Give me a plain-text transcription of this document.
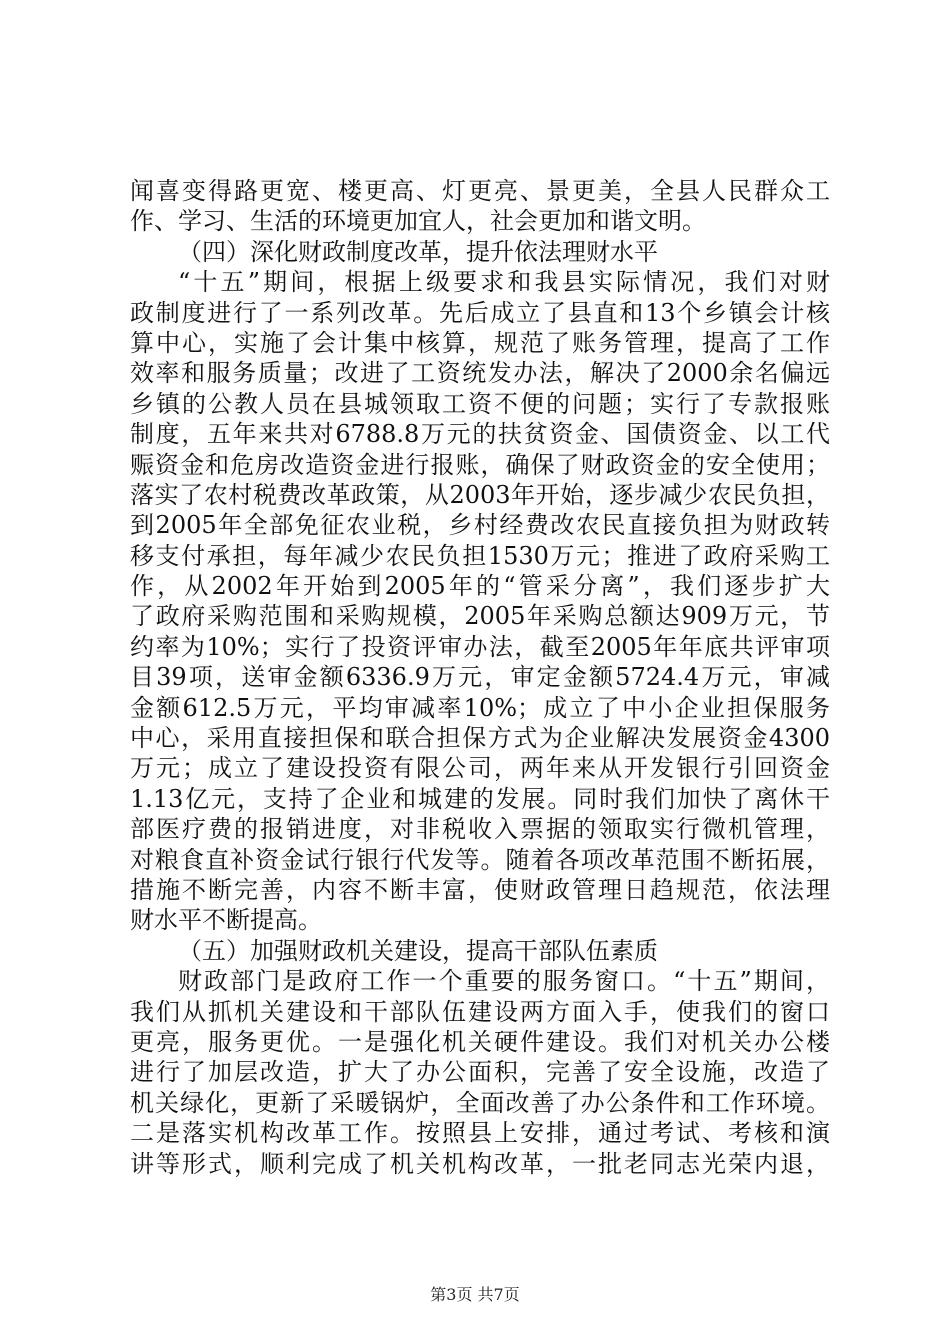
闻喜变得路更宽、楼更高、灯更亮、景更美，全县人民群众工
作、学习、生活的环境更加宜人，社会更加和谐文明。
（四）深化财政制度改革，提升依法理财水平
“十五”期间，根据上级要求和我县实际情况，我们对财
政制度进行了一系列改革。先后成立了县直和13个乡镇会计核
算中心，实施了会计集中核算，规范了账务管理，提高了工作
效率和服务质量；改进了工资统发办法，解决了2000余名偏远
乡镇的公教人员在县城领取工资不便的问题；实行了专款报账
制度，五年来共对6788.8万元的扶贫资金、国债资金、以工代
赈资金和危房改造资金进行报账，确保了财政资金的安全使用；
落实了农村税费改革政策，从2003年开始，逐步减少农民负担，
到2005年全部免征农业税，乡村经费改农民直接负担为财政转
移支付承担，每年减少农民负担1530万元；推进了政府采购工
作，从2002年开始到2005年的“管采分离”，我们逐步扩大
了政府采购范围和采购规模，2005年采购总额达909万元，节
约率为10%；实行了投资评审办法，截至2005年年底共评审项
目39项，送审金额6336.9万元，审定金额5724.4万元，审减
金额612.5万元，平均审减率10%；成立了中小企业担保服务
中心，采用直接担保和联合担保方式为企业解决发展资金4300
万元；成立了建设投资有限公司，两年来从开发银行引回资金
1.13亿元，支持了企业和城建的发展。同时我们加快了离休干
部医疗费的报销进度，对非税收入票据的领取实行微机管理，
对粮食直补资金试行银行代发等。随着各项改革范围不断拓展，
措施不断完善，内容不断丰富，使财政管理日趋规范，依法理
财水平不断提高。
（五）加强财政机关建设，提高干部队伍素质
财政部门是政府工作一个重要的服务窗口。“十五”期间，
我们从抓机关建设和干部队伍建设两方面入手，使我们的窗口
更亮，服务更优。一是强化机关硬件建设。我们对机关办公楼
进行了加层改造，扩大了办公面积，完善了安全设施，改造了
机关绿化，更新了采暖锅炉，全面改善了办公条件和工作环境。
二是落实机构改革工作。按照县上安排，通过考试、考核和演
讲等形式，顺利完成了机关机构改革，一批老同志光荣内退，
第3页 共7页
